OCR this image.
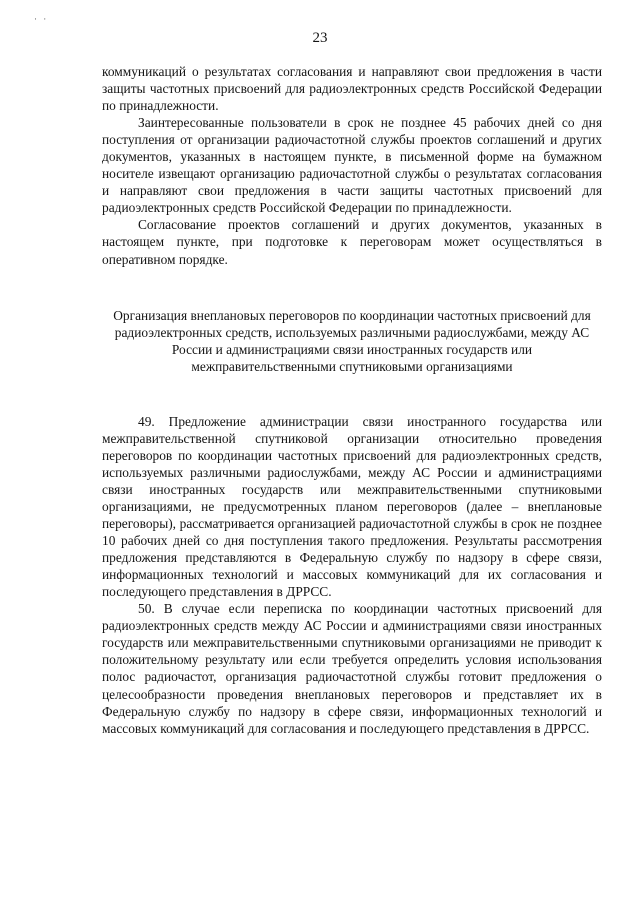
· ·
23

коммуникаций о результатах согласования и направляют свои предложения в части защиты частотных присвоений для радиоэлектронных средств Российской Федерации по принадлежности.

Заинтересованные пользователи в срок не позднее 45 рабочих дней со дня поступления от организации радиочастотной службы проектов соглашений и других документов, указанных в настоящем пункте, в письменной форме на бумажном носителе извещают организацию радиочастотной службы о результатах согласования и направляют свои предложения в части защиты частотных присвоений для радиоэлектронных средств Российской Федерации по принадлежности.

Согласование проектов соглашений и других документов, указанных в настоящем пункте, при подготовке к переговорам может осуществляться в оперативном порядке.

Организация внеплановых переговоров по координации частотных присвоений для радиоэлектронных средств, используемых различными радиослужбами, между АС России и администрациями связи иностранных государств или межправительственными спутниковыми организациями

49. Предложение администрации связи иностранного государства или межправительственной спутниковой организации относительно проведения переговоров по координации частотных присвоений для радиоэлектронных средств, используемых различными радиослужбами, между АС России и администрациями связи иностранных государств или межправительственными спутниковыми организациями, не предусмотренных планом переговоров (далее – внеплановые переговоры), рассматривается организацией радиочастотной службы в срок не позднее 10 рабочих дней со дня поступления такого предложения. Результаты рассмотрения предложения представляются в Федеральную службу по надзору в сфере связи, информационных технологий и массовых коммуникаций для их согласования и последующего представления в ДРРСС.

50. В случае если переписка по координации частотных присвоений для радиоэлектронных средств между АС России и администрациями связи иностранных государств или межправительственными спутниковыми организациями не приводит к положительному результату или если требуется определить условия использования полос радиочастот, организация радиочастотной службы готовит предложения о целесообразности проведения внеплановых переговоров и представляет их в Федеральную службу по надзору в сфере связи, информационных технологий и массовых коммуникаций для согласования и последующего представления в ДРРСС.
